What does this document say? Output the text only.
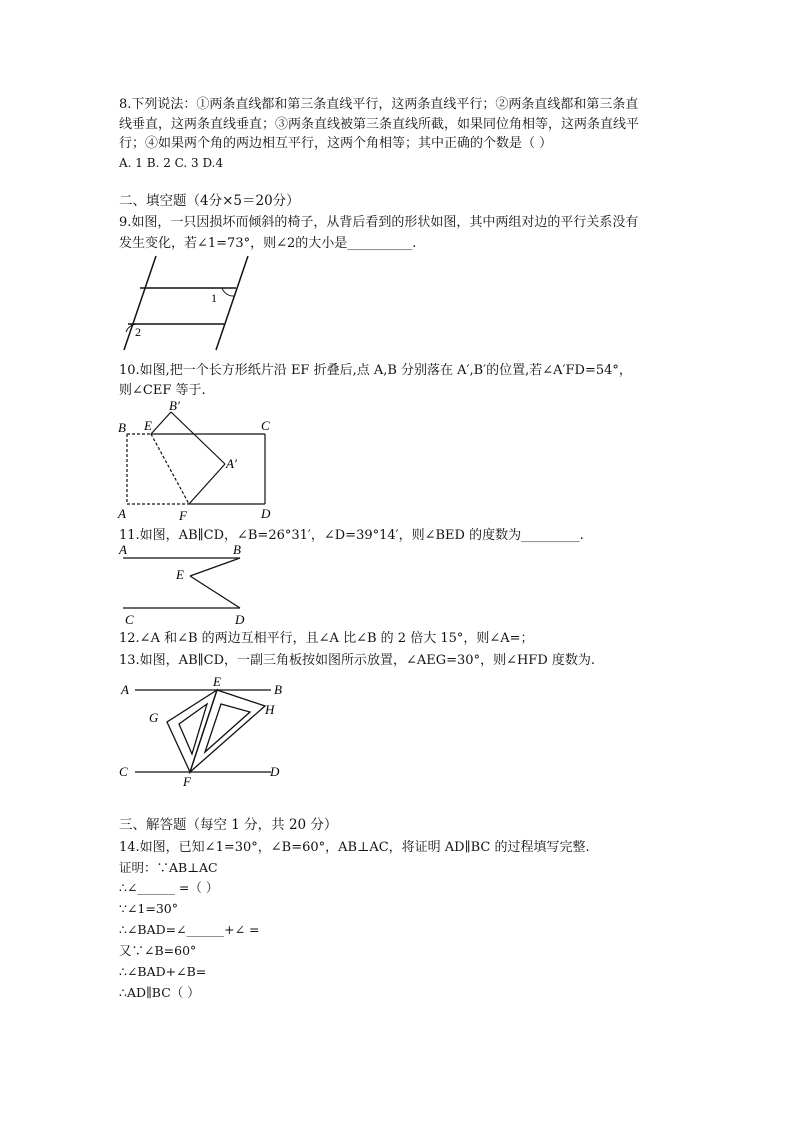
8.下列说法：①两条直线都和第三条直线平行，这两条直线平行；②两条直线都和第三条直
线垂直，这两条直线垂直；③两条直线被第三条直线所截，如果同位角相等，这两条直线平
行；④如果两个角的两边相互平行，这两个角相等；其中正确的个数是（ ）
A. 1 B. 2 C. 3 D.4
二、填空题（4分×5＝20分）
9.如图，一只因损坏而倾斜的椅子，从背后看到的形状如图，其中两组对边的平行关系没有
发生变化，若∠1=73°，则∠2的大小是__________.
1
2
10.如图,把一个长方形纸片沿 EF 折叠后,点 A,B 分别落在 A′,B′的位置,若∠A′FD=54°，
则∠CEF 等于.
B E
B′
C
A′
A	F	D
11.如图，AB∥CD，∠B=26°31′，∠D=39°14′，则∠BED 的度数为_________.
A	B
E
C	D
12.∠A 和∠B 的两边互相平行，且∠A 比∠B 的 2 倍大 15°，则∠A=；
13.如图，AB∥CD，一副三角板按如图所示放置，∠AEG=30°，则∠HFD 度数为.
A
E
B
G
H
C
F
D
三、解答题（每空 1 分，共 20 分）
14.如图，已知∠1=30°，∠B=60°，AB⊥AC，将证明 AD∥BC 的过程填写完整.
证明：∵AB⊥AC
∴∠______ =（ ）
∵∠1=30°
∴∠BAD=∠______+∠ =
又∵∠B=60°
∴∠BAD+∠B=
∴AD∥BC（ ）
